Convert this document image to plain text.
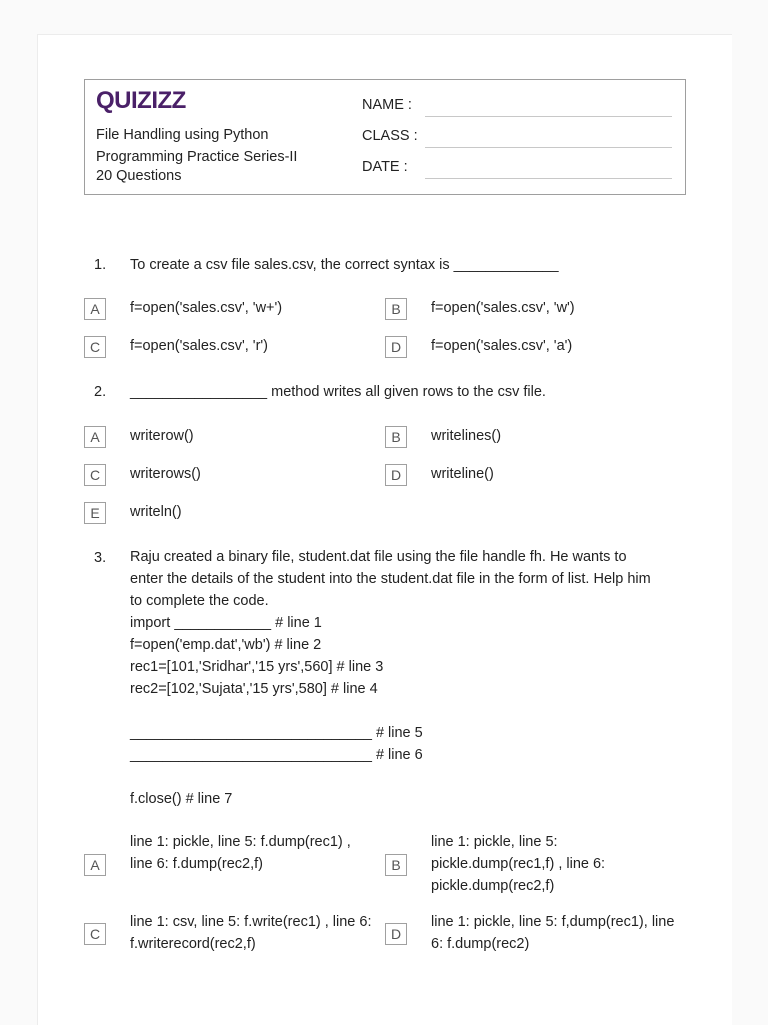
QUIZIZZ
File Handling using Python
Programming Practice Series-II
20 Questions
NAME :
CLASS :
DATE :
1. To create a csv file sales.csv, the correct syntax is _____________
A	f=open('sales.csv', 'w+')	B	f=open('sales.csv', 'w')
C	f=open('sales.csv', 'r')	D	f=open('sales.csv', 'a')
2. _________________ method writes all given rows to the csv file.
A	writerow()	B	writelines()
C	writerows()	D	writeline()
E	writeln()
3. Raju created a binary file, student.dat file using the file handle fh. He wants to
enter the details of the student into the student.dat file in the form of list. Help him
to complete the code.
import ____________ # line 1
f=open('emp.dat','wb') # line 2
rec1=[101,'Sridhar','15 yrs',560] # line 3
rec2=[102,'Sujata','15 yrs',580] # line 4
______________________________ # line 5
______________________________ # line 6
f.close() # line 7
A
line 1: pickle, line 5: f.dump(rec1) ,
line 6: f.dump(rec2,f)	B
line 1: pickle, line 5:
pickle.dump(rec1,f) , line 6:
pickle.dump(rec2,f)
C
line 1: csv, line 5: f.write(rec1) , line 6:
f.writerecord(rec2,f)
D
line 1: pickle, line 5: f,dump(rec1), line
6: f.dump(rec2)
